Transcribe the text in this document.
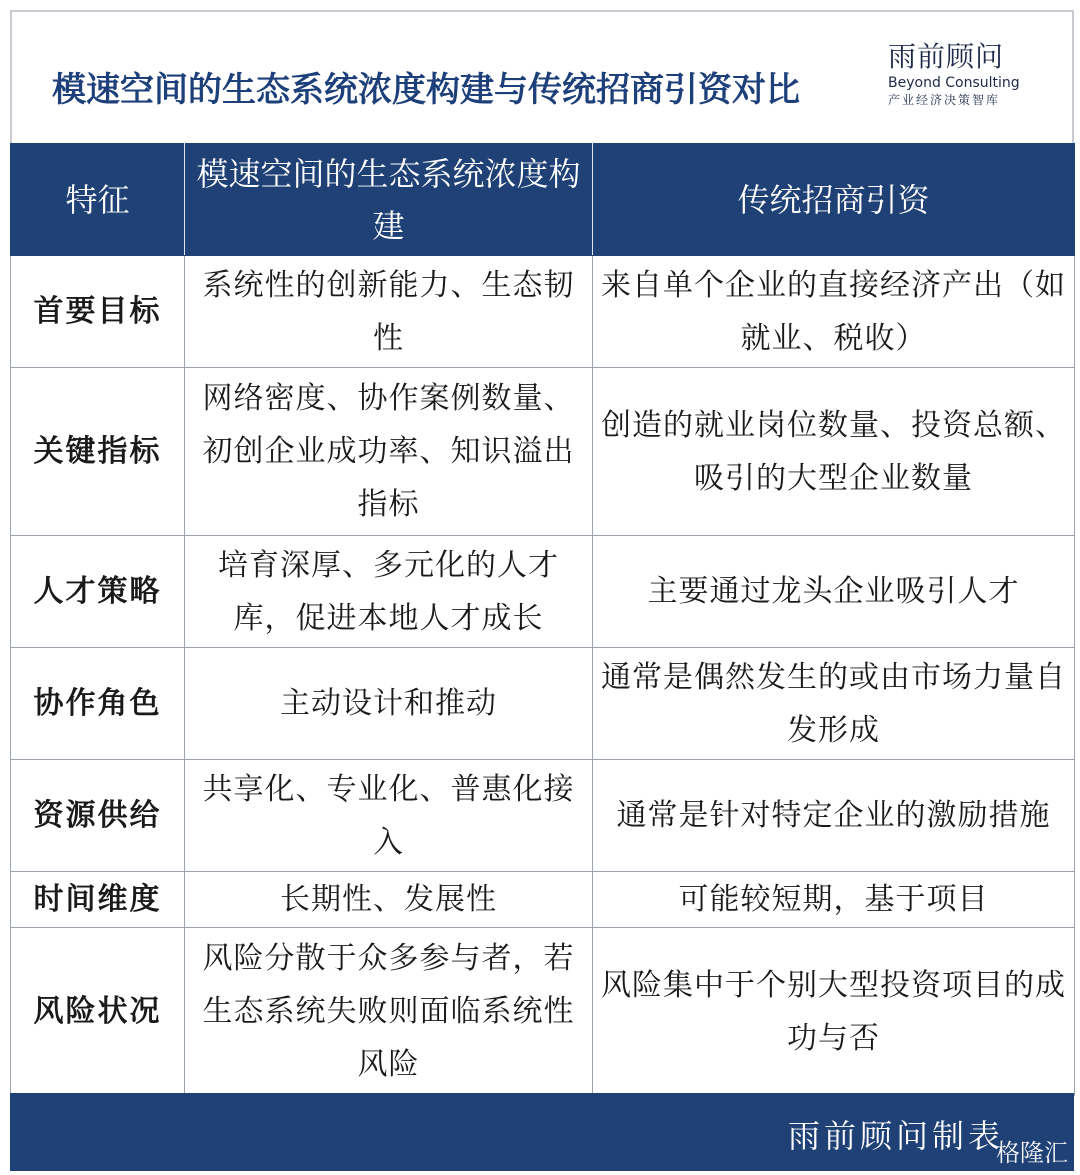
模速空间的生态系统浓度构建与传统招商引资对比
雨前顾问
Beyond Consulting
产业经济决策智库
特征	模速空间的生态系统浓度构建	传统招商引资
首要目标	系统性的创新能力、生态韧性	来自单个企业的直接经济产出（如就业、税收）
关键指标	网络密度、协作案例数量、初创企业成功率、知识溢出指标	创造的就业岗位数量、投资总额、吸引的大型企业数量
人才策略	培育深厚、多元化的人才库，促进本地人才成长	主要通过龙头企业吸引人才
协作角色	主动设计和推动	通常是偶然发生的或由市场力量自发形成
资源供给	共享化、专业化、普惠化接入	通常是针对特定企业的激励措施
时间维度	长期性、发展性	可能较短期，基于项目
风险状况	风险分散于众多参与者，若生态系统失败则面临系统性风险	风险集中于个别大型投资项目的成功与否
雨前顾问制表
格隆汇
